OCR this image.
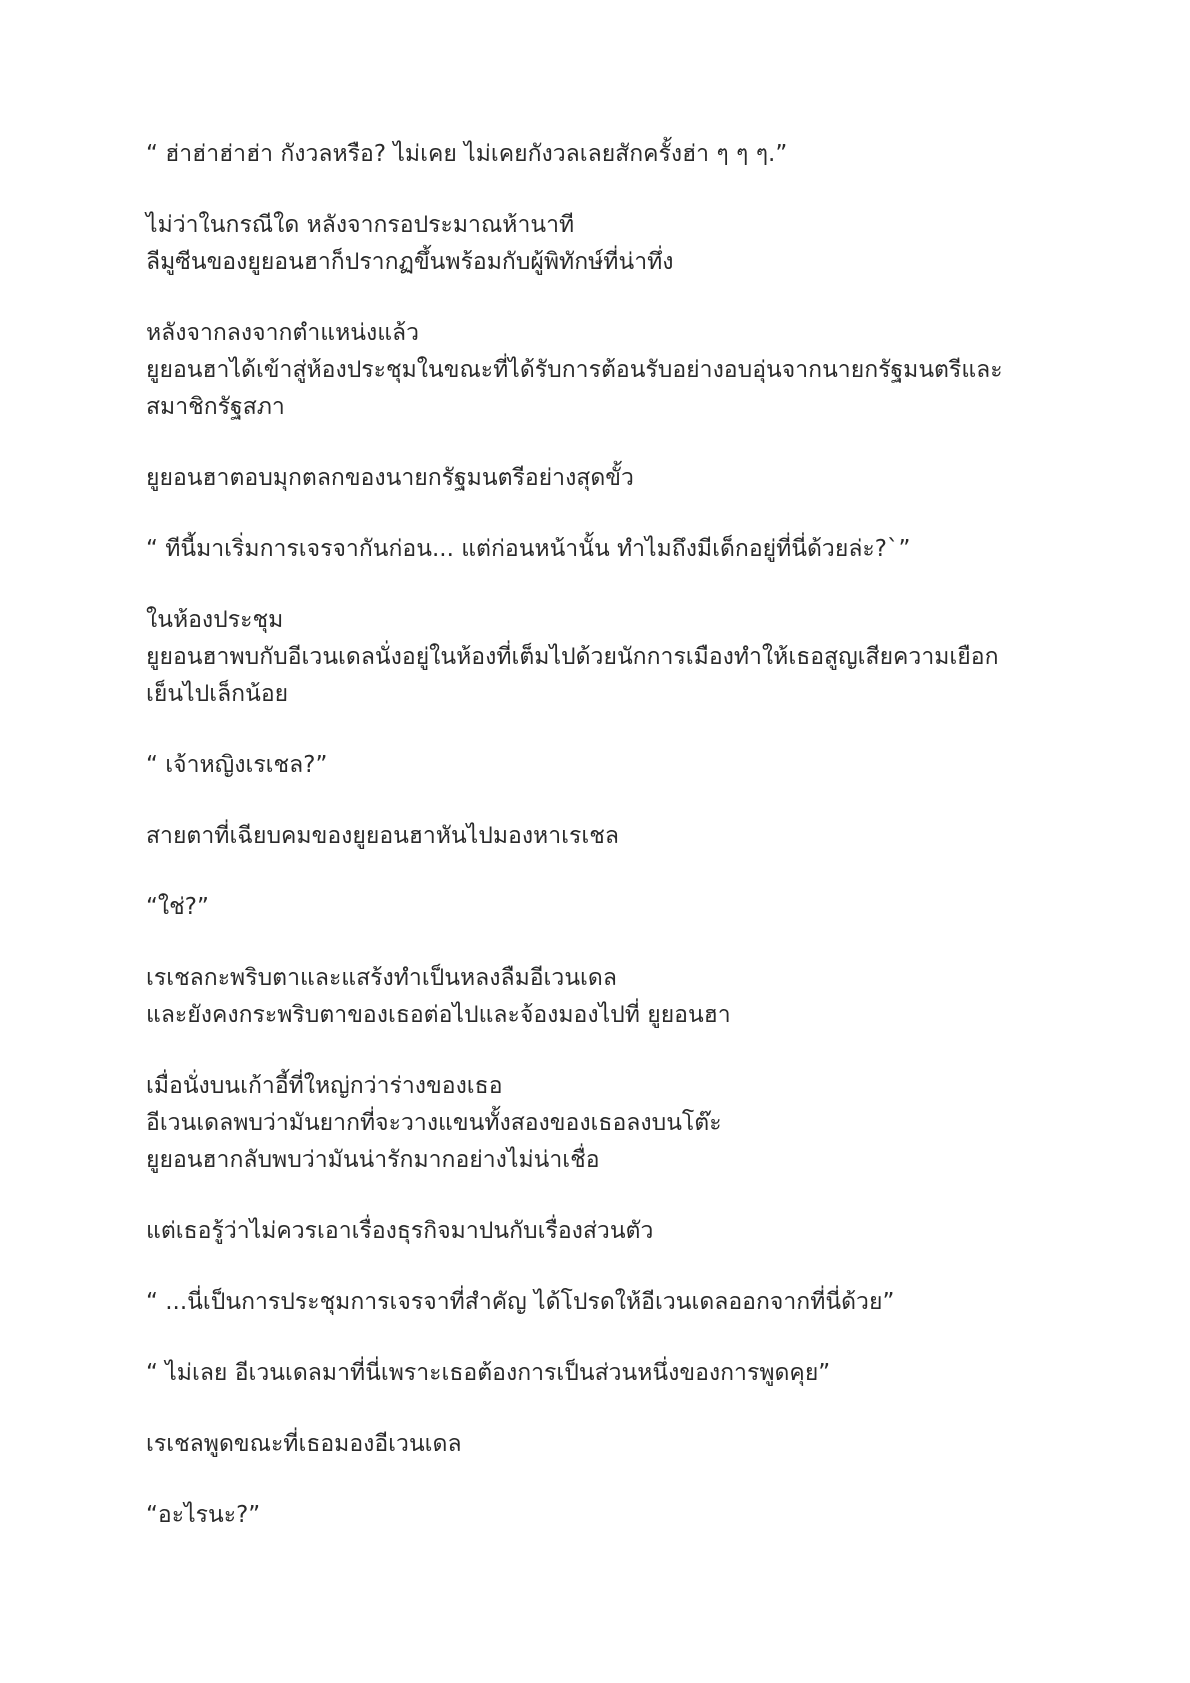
“ ฮ่าฮ่าฮ่าฮ่า กังวลหรือ? ไม่เคย ไม่เคยกังวลเลยสักครั้งฮ่า ๆ ๆ ๆ.”

ไม่ว่าในกรณีใด หลังจากรอประมาณห้านาที
ลีมูซีนของยูยอนฮาก็ปรากฏขึ้นพร้อมกับผู้พิทักษ์ที่น่าทึ่ง

หลังจากลงจากตำแหน่งแล้ว
ยูยอนฮาได้เข้าสู่ห้องประชุมในขณะที่ได้รับการต้อนรับอย่างอบอุ่นจากนายกรัฐมนตรีและ
สมาชิกรัฐสภา

ยูยอนฮาตอบมุกตลกของนายกรัฐมนตรีอย่างสุดขั้ว

“ ทีนี้มาเริ่มการเจรจากันก่อน... แต่ก่อนหน้านั้น ทำไมถึงมีเด็กอยู่ที่นี่ด้วยล่ะ?`”

ในห้องประชุม
ยูยอนฮาพบกับอีเวนเดลนั่งอยู่ในห้องที่เต็มไปด้วยนักการเมืองทำให้เธอสูญเสียความเยือก
เย็นไปเล็กน้อย

“ เจ้าหญิงเรเชล?”

สายตาที่เฉียบคมของยูยอนฮาหันไปมองหาเรเชล

“ใช่?”

เรเชลกะพริบตาและแสร้งทำเป็นหลงลืมอีเวนเดล
และยังคงกระพริบตาของเธอต่อไปและจ้องมองไปที่ ยูยอนฮา

เมื่อนั่งบนเก้าอี้ที่ใหญ่กว่าร่างของเธอ
อีเวนเดลพบว่ามันยากที่จะวางแขนทั้งสองของเธอลงบนโต๊ะ
ยูยอนฮากลับพบว่ามันน่ารักมากอย่างไม่น่าเชื่อ

แต่เธอรู้ว่าไม่ควรเอาเรื่องธุรกิจมาปนกับเรื่องส่วนตัว

“ ...นี่เป็นการประชุมการเจรจาที่สำคัญ ได้โปรดให้อีเวนเดลออกจากที่นี่ด้วย”

“ ไม่เลย อีเวนเดลมาที่นี่เพราะเธอต้องการเป็นส่วนหนึ่งของการพูดคุย”

เรเชลพูดขณะที่เธอมองอีเวนเดล

“อะไรนะ?”
